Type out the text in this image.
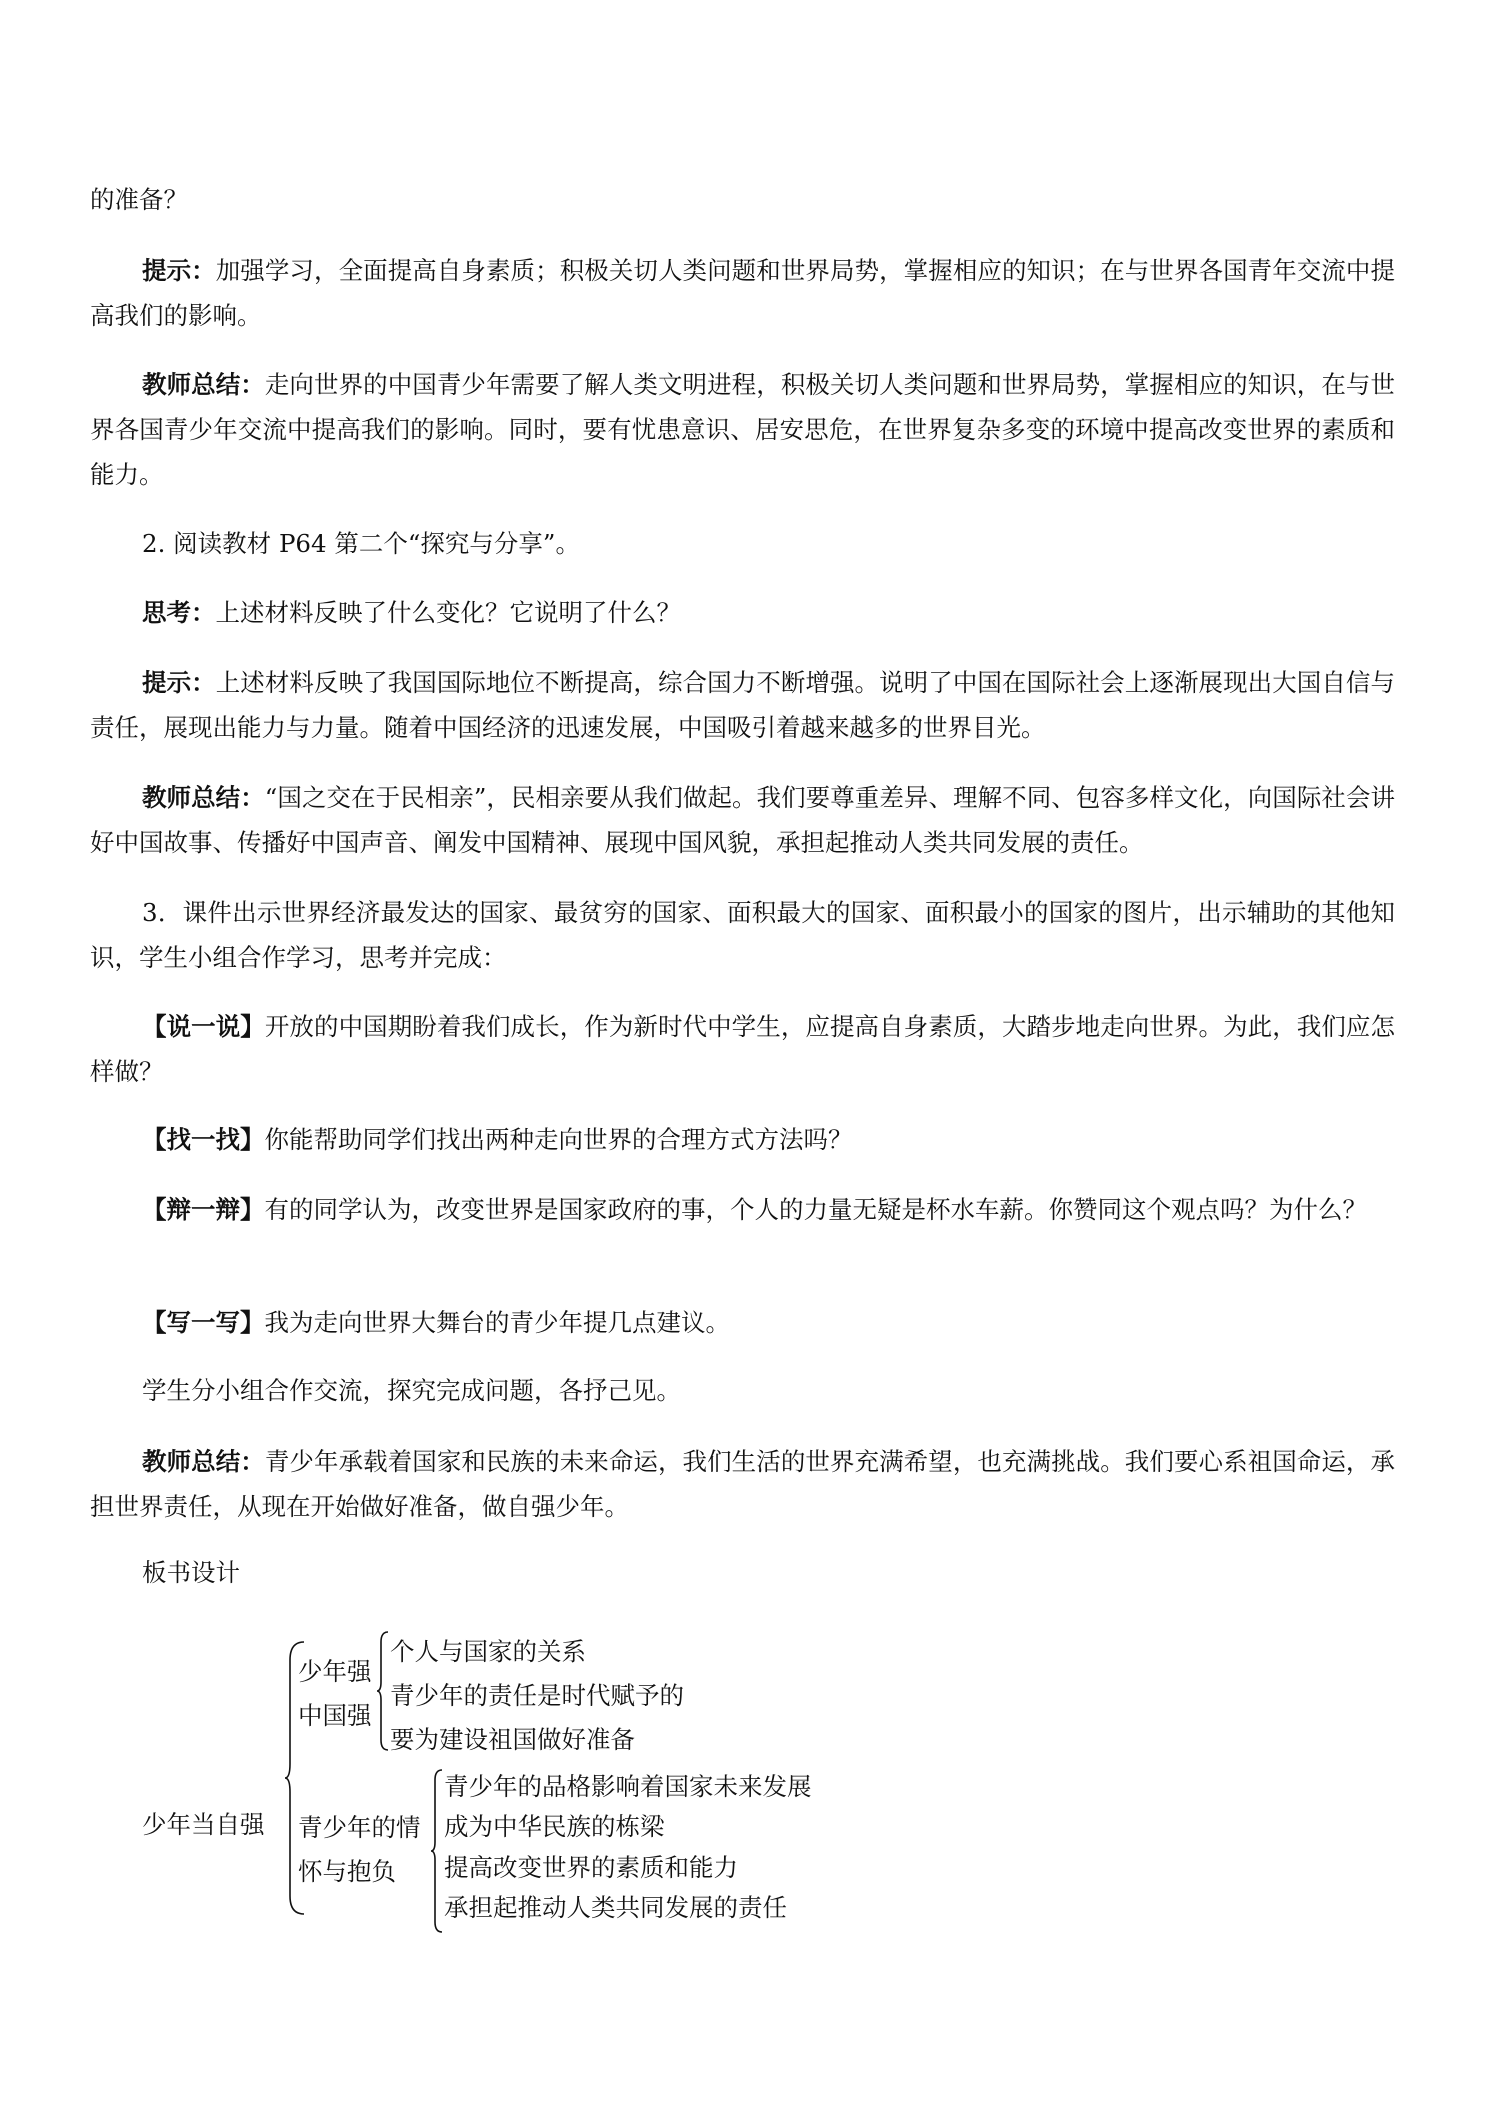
的准备？

提示：加强学习，全面提高自身素质；积极关切人类问题和世界局势，掌握相应的知识；在与世界各国青年交流中提高我们的影响。

教师总结：走向世界的中国青少年需要了解人类文明进程，积极关切人类问题和世界局势，掌握相应的知识，在与世界各国青少年交流中提高我们的影响。同时，要有忧患意识、居安思危，在世界复杂多变的环境中提高改变世界的素质和能力。

2. 阅读教材 P64 第二个“探究与分享”。

思考：上述材料反映了什么变化？它说明了什么？

提示：上述材料反映了我国国际地位不断提高，综合国力不断增强。说明了中国在国际社会上逐渐展现出大国自信与责任，展现出能力与力量。随着中国经济的迅速发展，中国吸引着越来越多的世界目光。

教师总结：“国之交在于民相亲”，民相亲要从我们做起。我们要尊重差异、理解不同、包容多样文化，向国际社会讲好中国故事、传播好中国声音、阐发中国精神、展现中国风貌，承担起推动人类共同发展的责任。

3．课件出示世界经济最发达的国家、最贫穷的国家、面积最大的国家、面积最小的国家的图片，出示辅助的其他知识，学生小组合作学习，思考并完成：

【说一说】开放的中国期盼着我们成长，作为新时代中学生，应提高自身素质，大踏步地走向世界。为此，我们应怎样做？

【找一找】你能帮助同学们找出两种走向世界的合理方式方法吗？

【辩一辩】有的同学认为，改变世界是国家政府的事，个人的力量无疑是杯水车薪。你赞同这个观点吗？为什么？

【写一写】我为走向世界大舞台的青少年提几点建议。

学生分小组合作交流，探究完成问题，各抒己见。

教师总结：青少年承载着国家和民族的未来命运，我们生活的世界充满希望，也充满挑战。我们要心系祖国命运，承担世界责任，从现在开始做好准备，做自强少年。

板书设计

少年当自强
少年强
中国强
个人与国家的关系
青少年的责任是时代赋予的
要为建设祖国做好准备
青少年的情
怀与抱负
青少年的品格影响着国家未来发展
成为中华民族的栋梁
提高改变世界的素质和能力
承担起推动人类共同发展的责任
